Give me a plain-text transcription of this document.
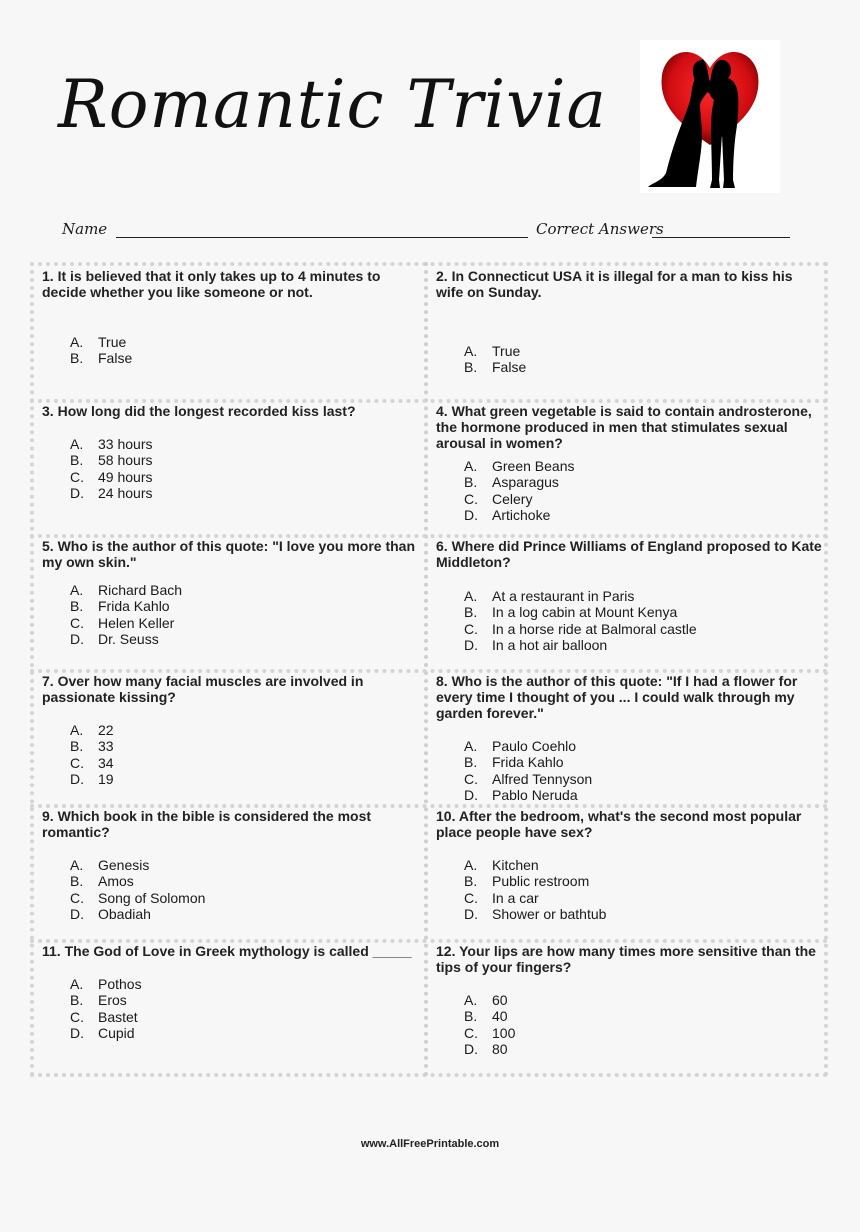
Romantic Trivia
Name	Correct Answers
1. It is believed that it only takes up to 4 minutes to decide whether you like someone or not.
A. True
B. False
2. In Connecticut USA it is illegal for a man to kiss his wife on Sunday.
A. True
B. False
3. How long did the longest recorded kiss last?
A. 33 hours
B. 58 hours
C. 49 hours
D. 24 hours
4. What green vegetable is said to contain androsterone, the hormone produced in men that stimulates sexual arousal in women?
A. Green Beans
B. Asparagus
C. Celery
D. Artichoke
5. Who is the author of this quote: "I love you more than my own skin."
A. Richard Bach
B. Frida Kahlo
C. Helen Keller
D. Dr. Seuss
6. Where did Prince Williams of England proposed to Kate Middleton?
A. At a restaurant in Paris
B. In a log cabin at Mount Kenya
C. In a horse ride at Balmoral castle
D. In a hot air balloon
7. Over how many facial muscles are involved in passionate kissing?
A. 22
B. 33
C. 34
D. 19
8. Who is the author of this quote: "If I had a flower for every time I thought of you ... I could walk through my garden forever."
A. Paulo Coehlo
B. Frida Kahlo
C. Alfred Tennyson
D. Pablo Neruda
9. Which book in the bible is considered the most romantic?
A. Genesis
B. Amos
C. Song of Solomon
D. Obadiah
10. After the bedroom, what's the second most popular place people have sex?
A. Kitchen
B. Public restroom
C. In a car
D. Shower or bathtub
11. The God of Love in Greek mythology is called _____
A. Pothos
B. Eros
C. Bastet
D. Cupid
12. Your lips are how many times more sensitive than the tips of your fingers?
A. 60
B. 40
C. 100
D. 80
www.AllFreePrintable.com
